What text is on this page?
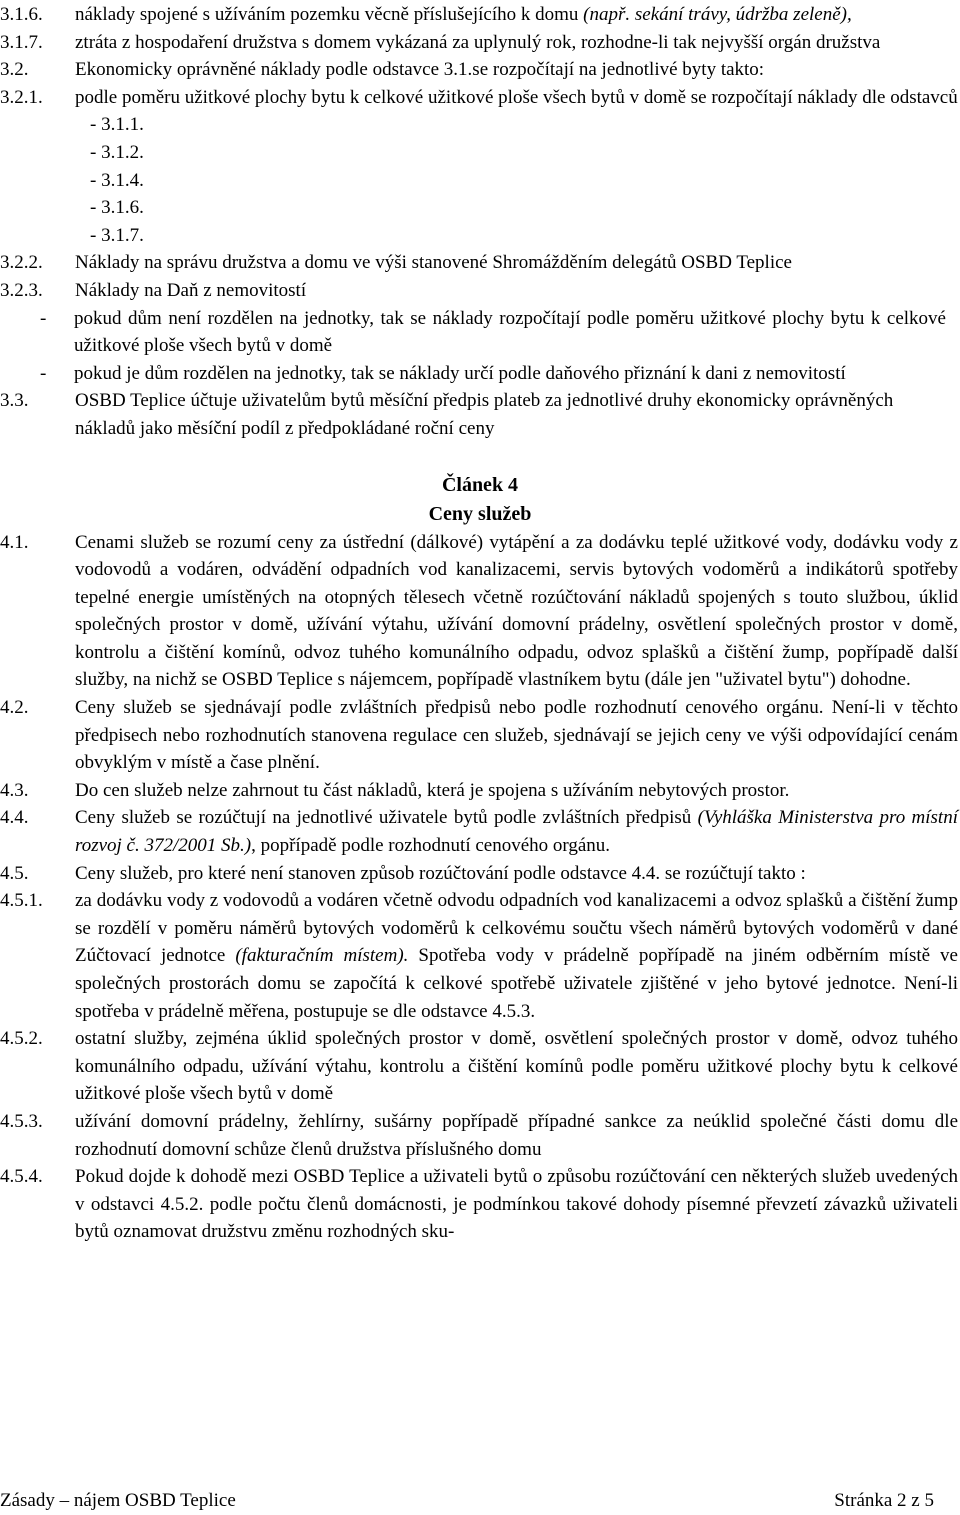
3.1.6.	náklady spojené s užíváním pozemku věcně příslušejícího k domu (např. sekání trávy, údržba zeleně),
3.1.7.	ztráta z hospodaření družstva s domem vykázaná za uplynulý rok, rozhodne-li tak nejvyšší orgán družstva
3.2.	Ekonomicky oprávněné náklady podle odstavce 3.1.se rozpočítají na jednotlivé byty takto:
3.2.1.	podle poměru užitkové plochy bytu k celkové užitkové ploše všech bytů v domě se rozpočítají náklady dle odstavců
- 3.1.1.
- 3.1.2.
- 3.1.4.
- 3.1.6.
- 3.1.7.
3.2.2.	Náklady na správu družstva a domu ve výši stanovené Shromážděním delegátů OSBD Teplice
3.2.3.	Náklady na Daň z nemovitostí
-	pokud dům není rozdělen na jednotky, tak se náklady rozpočítají podle poměru užitkové plochy bytu k celkové užitkové ploše všech bytů v domě
-	pokud je dům rozdělen na jednotky, tak se náklady určí podle daňového přiznání k dani z nemovitostí
3.3.	OSBD Teplice účtuje uživatelům bytů měsíční předpis plateb za jednotlivé druhy ekonomicky oprávněných nákladů jako měsíční podíl z předpokládané roční ceny
Článek 4
Ceny služeb
4.1.	Cenami služeb se rozumí ceny za ústřední (dálkové) vytápění a za dodávku teplé užitkové vody, dodávku vody z vodovodů a vodáren, odvádění odpadních vod kanalizacemi, servis bytových vodoměrů a indikátorů spotřeby tepelné energie umístěných na otopných tělesech včetně rozúčtování nákladů spojených s touto službou, úklid společných prostor v domě, užívání výtahu, užívání domovní prádelny, osvětlení společných prostor v domě, kontrolu a čištění komínů, odvoz tuhého komunálního odpadu, odvoz splašků a čištění žump, popřípadě další služby, na nichž se OSBD Teplice s nájemcem, popřípadě vlastníkem bytu (dále jen "uživatel bytu") dohodne.
4.2.	Ceny služeb se sjednávají podle zvláštních předpisů nebo podle rozhodnutí cenového orgánu. Není-li v těchto předpisech nebo rozhodnutích stanovena regulace cen služeb, sjednávají se jejich ceny ve výši odpovídající cenám obvyklým v místě a čase plnění.
4.3.	Do cen služeb nelze zahrnout tu část nákladů, která je spojena s užíváním nebytových prostor.
4.4.	Ceny služeb se rozúčtují na jednotlivé uživatele bytů podle zvláštních předpisů (Vyhláška Ministerstva pro místní rozvoj č. 372/2001 Sb.), popřípadě podle rozhodnutí cenového orgánu.
4.5.	Ceny služeb, pro které není stanoven způsob rozúčtování podle odstavce 4.4. se rozúčtují takto :
4.5.1.	za dodávku vody z vodovodů a vodáren včetně odvodu odpadních vod kanalizacemi a odvoz splašků a čištění žump se rozdělí v poměru náměrů bytových vodoměrů k celkovému součtu všech náměrů bytových vodoměrů v dané Zúčtovací jednotce (fakturačním místem). Spotřeba vody v prádelně popřípadě na jiném odběrním místě ve společných prostorách domu se započítá k celkové spotřebě uživatele zjištěné v jeho bytové jednotce. Není-li spotřeba v prádelně měřena, postupuje se dle odstavce 4.5.3.
4.5.2.	ostatní služby, zejména úklid společných prostor v domě, osvětlení společných prostor v domě, odvoz tuhého komunálního odpadu, užívání výtahu, kontrolu a čištění komínů podle poměru užitkové plochy bytu k celkové užitkové ploše všech bytů v domě
4.5.3.	užívání domovní prádelny, žehlírny, sušárny popřípadě případné sankce za neúklid společné části domu dle rozhodnutí domovní schůze členů družstva příslušného domu
4.5.4.	Pokud dojde k dohodě mezi OSBD Teplice a uživateli bytů o způsobu rozúčtování cen některých služeb uvedených v odstavci 4.5.2. podle počtu členů domácnosti, je podmínkou takové dohody písemné převzetí závazků uživateli bytů oznamovat družstvu změnu rozhodných sku-
Zásady – nájem OSBD Teplice	Stránka 2 z 5
